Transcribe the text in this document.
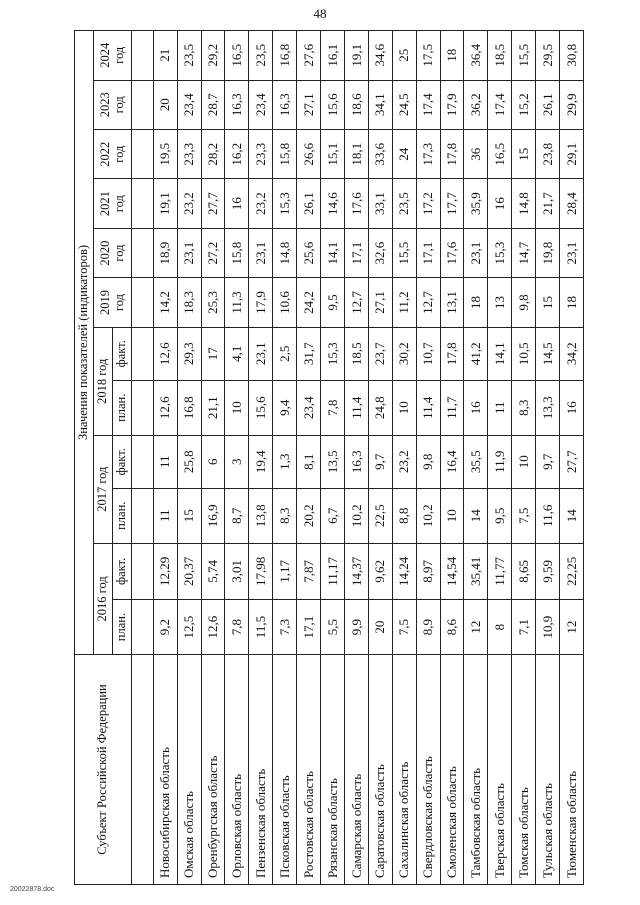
48
Субъект Российской Федерации	Значения показателей (индикаторов)											
	2016 год		2017 год		2018 год		2019 год	2020 год	2021 год	2022 год	2023 год	2024 год

	план.	факт.	план.	факт.	план.	факт.						

Новосибирская область	9,2	12,29	11	11	12,6	12,6	14,2	18,9	19,1	19,5	20	21
Омская область	12,5	20,37	15	25,8	16,8	29,3	18,3	23,1	23,2	23,3	23,4	23,5
Оренбургская область	12,6	5,74	16,9	6	21,1	17	25,3	27,2	27,7	28,2	28,7	29,2
Орловская область	7,8	3,01	8,7	3	10	4,1	11,3	15,8	16	16,2	16,3	16,5
Пензенская область	11,5	17,98	13,8	19,4	15,6	23,1	17,9	23,1	23,2	23,3	23,4	23,5
Псковская область	7,3	1,17	8,3	1,3	9,4	2,5	10,6	14,8	15,3	15,8	16,3	16,8
Ростовская область	17,1	7,87	20,2	8,1	23,4	31,7	24,2	25,6	26,1	26,6	27,1	27,6
Рязанская область	5,5	11,17	6,7	13,5	7,8	15,3	9,5	14,1	14,6	15,1	15,6	16,1
Самарская область	9,9	14,37	10,2	16,3	11,4	18,5	12,7	17,1	17,6	18,1	18,6	19,1
Саратовская область	20	9,62	22,5	9,7	24,8	23,7	27,1	32,6	33,1	33,6	34,1	34,6
Сахалинская область	7,5	14,24	8,8	23,2	10	30,2	11,2	15,5	23,5	24	24,5	25
Свердловская область	8,9	8,97	10,2	9,8	11,4	10,7	12,7	17,1	17,2	17,3	17,4	17,5
Смоленская область	8,6	14,54	10	16,4	11,7	17,8	13,1	17,6	17,7	17,8	17,9	18
Тамбовская область	12	35,41	14	35,5	16	41,2	18	23,1	35,9	36	36,2	36,4
Тверская область	8	11,77	9,5	11,9	11	14,1	13	15,3	16	16,5	17,4	18,5
Томская область	7,1	8,65	7,5	10	8,3	10,5	9,8	14,7	14,8	15	15,2	15,5
Тульская область	10,9	9,59	11,6	9,7	13,3	14,5	15	19,8	21,7	23,8	26,1	29,5
Тюменская область	12	22,25	14	27,7	16	34,2	18	23,1	28,4	29,1	29,9	30,8
20022878.doc
